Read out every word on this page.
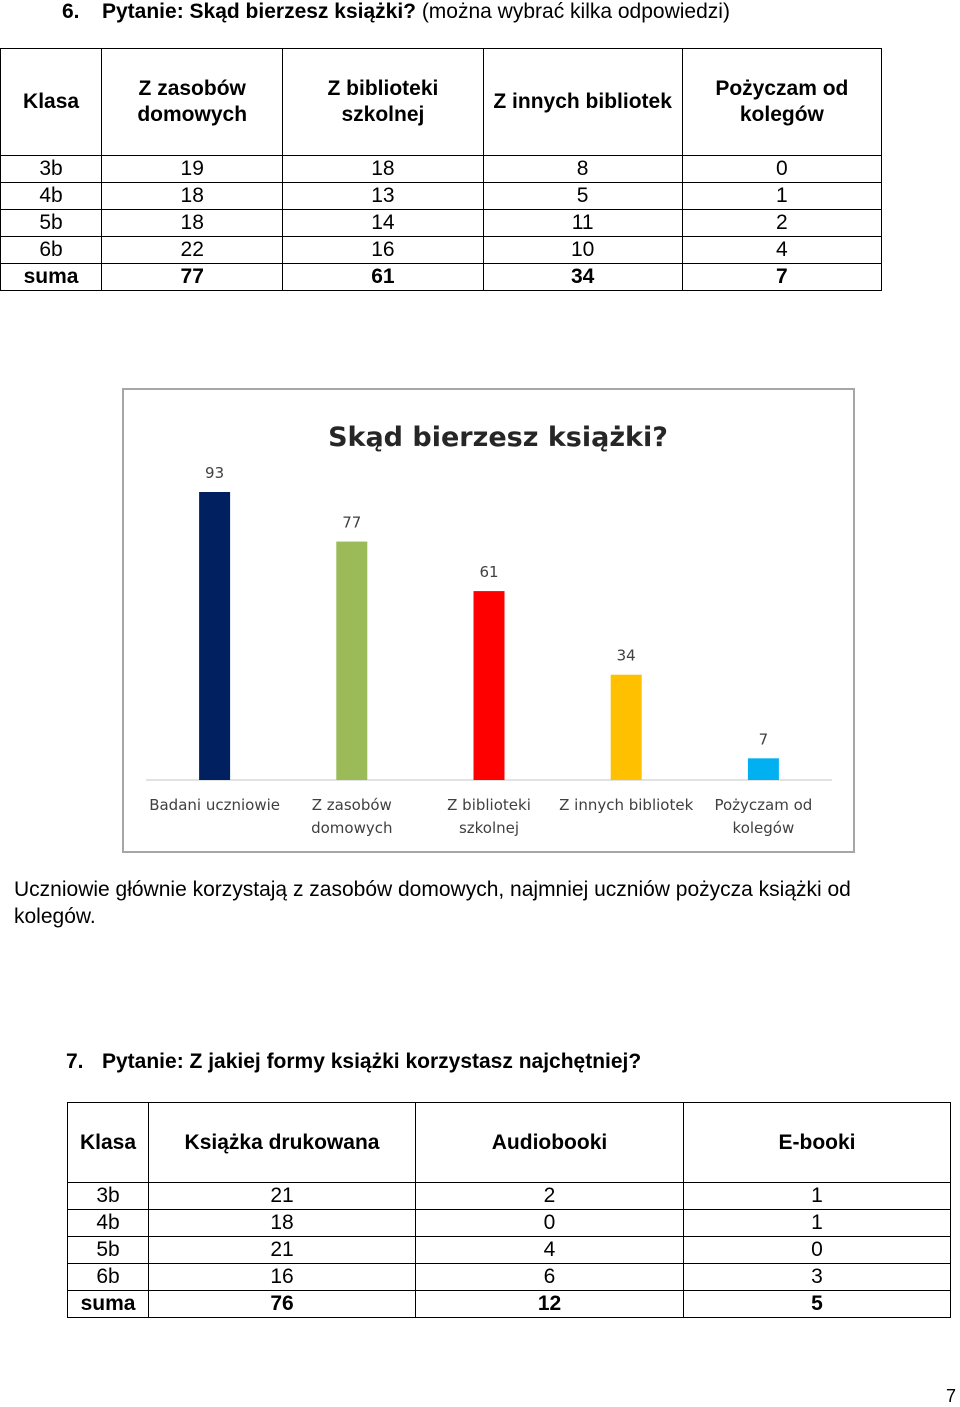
6. Pytanie: Skąd bierzesz książki? (można wybrać kilka odpowiedzi)
Klasa	Z zasobów domowych	Z biblioteki szkolnej	Z innych bibliotek	Pożyczam od kolegów
3b	19	18	8	0
4b	18	13	5	1
5b	18	14	11	2
6b	22	16	10	4
suma	77	61	34	7
Skąd bierzesz książki?
93
Badani uczniowie
77
Z zasobów domowych
61
Z biblioteki szkolnej
34
Z innych bibliotek
7
Pożyczam od kolegów

Uczniowie głównie korzystają z zasobów domowych, najmniej uczniów pożycza książki od kolegów.

7. Pytanie: Z jakiej formy książki korzystasz najchętniej?
Klasa	Książka drukowana	Audiobooki	E-booki
3b	21	2	1
4b	18	0	1
5b	21	4	0
6b	16	6	3
suma	76	12	5
7
